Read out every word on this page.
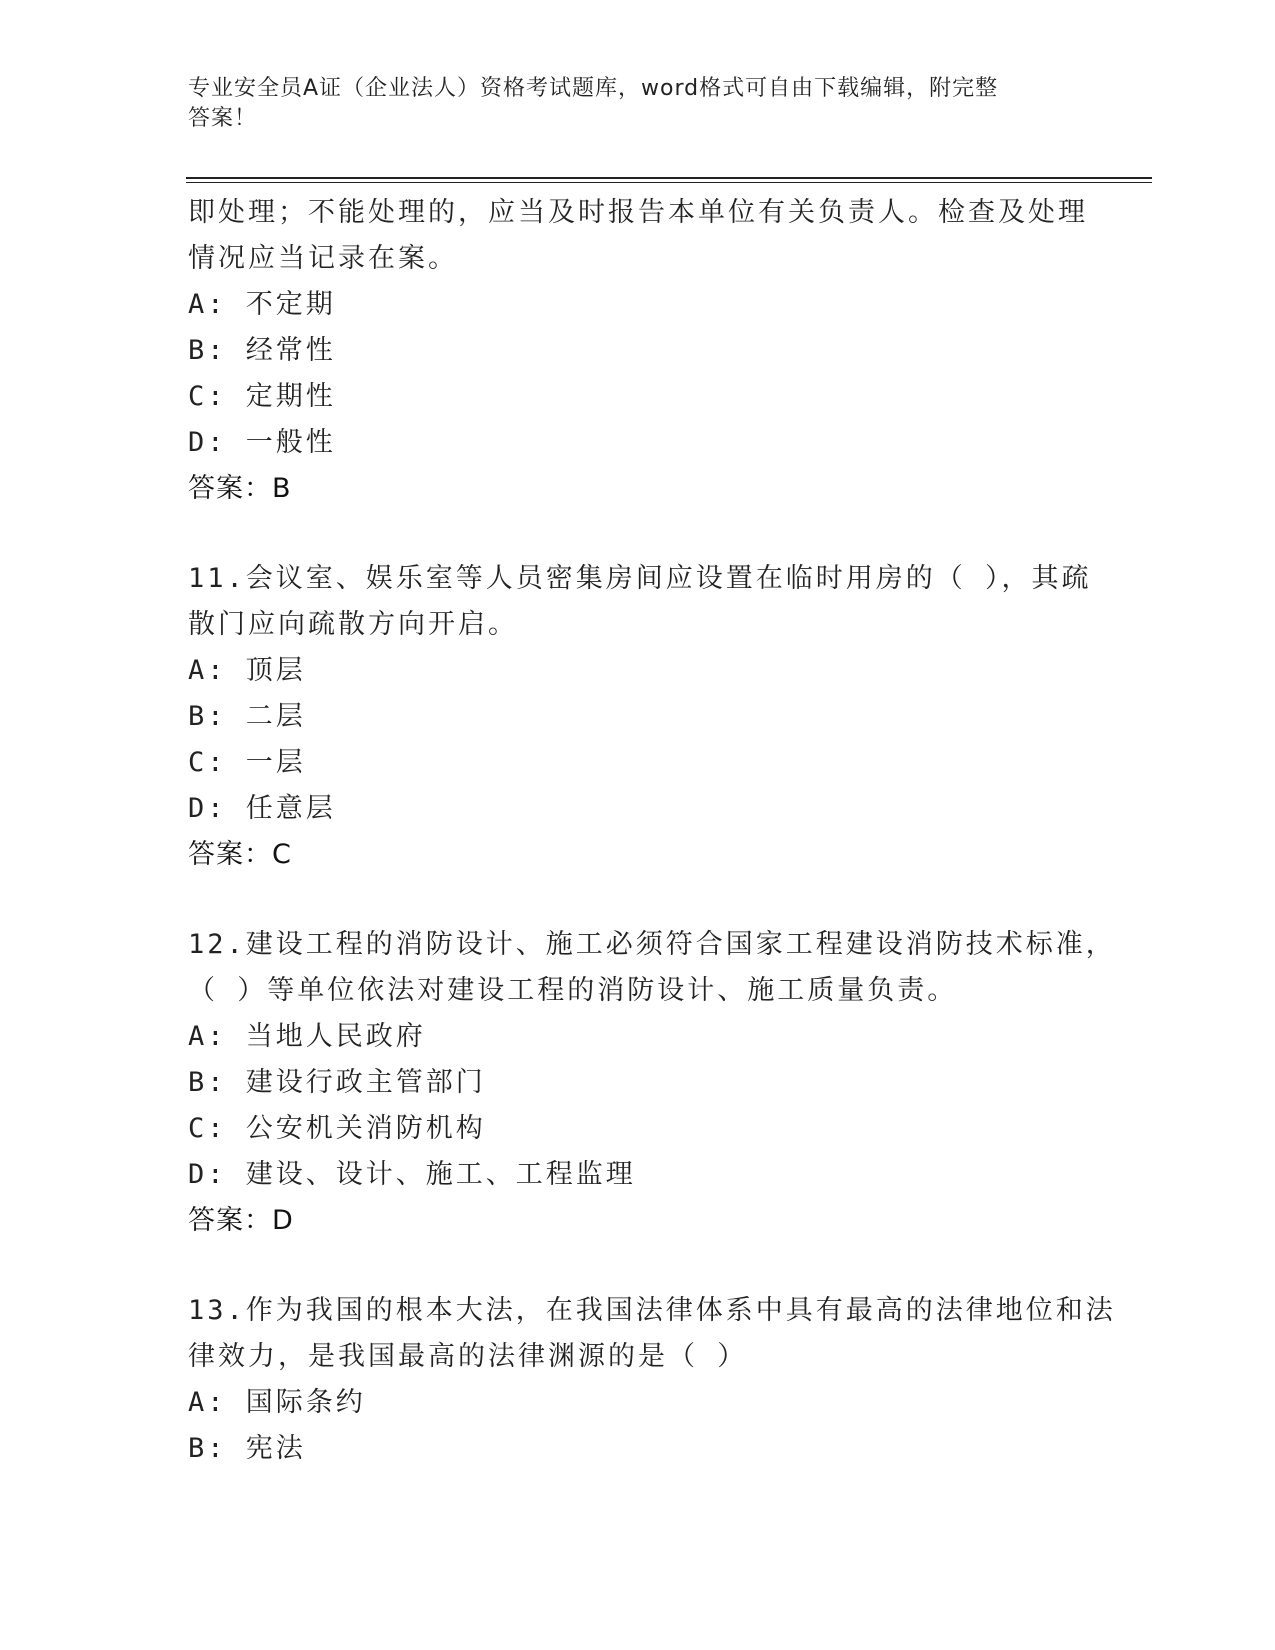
专业安全员A证（企业法人）资格考试题库，word格式可自由下载编辑，附完整
答案！
即处理；不能处理的，应当及时报告本单位有关负责人。检查及处理
情况应当记录在案。
A: 不定期
B: 经常性
C: 定期性
D: 一般性
答案：B
11.会议室、娱乐室等人员密集房间应设置在临时用房的（ ），其疏
散门应向疏散方向开启。
A: 顶层
B: 二层
C: 一层
D: 任意层
答案：C
12.建设工程的消防设计、施工必须符合国家工程建设消防技术标准，
（ ）等单位依法对建设工程的消防设计、施工质量负责。
A: 当地人民政府
B: 建设行政主管部门
C: 公安机关消防机构
D: 建设、设计、施工、工程监理
答案：D
13.作为我国的根本大法，在我国法律体系中具有最高的法律地位和法
律效力，是我国最高的法律渊源的是（ ）
A: 国际条约
B: 宪法
